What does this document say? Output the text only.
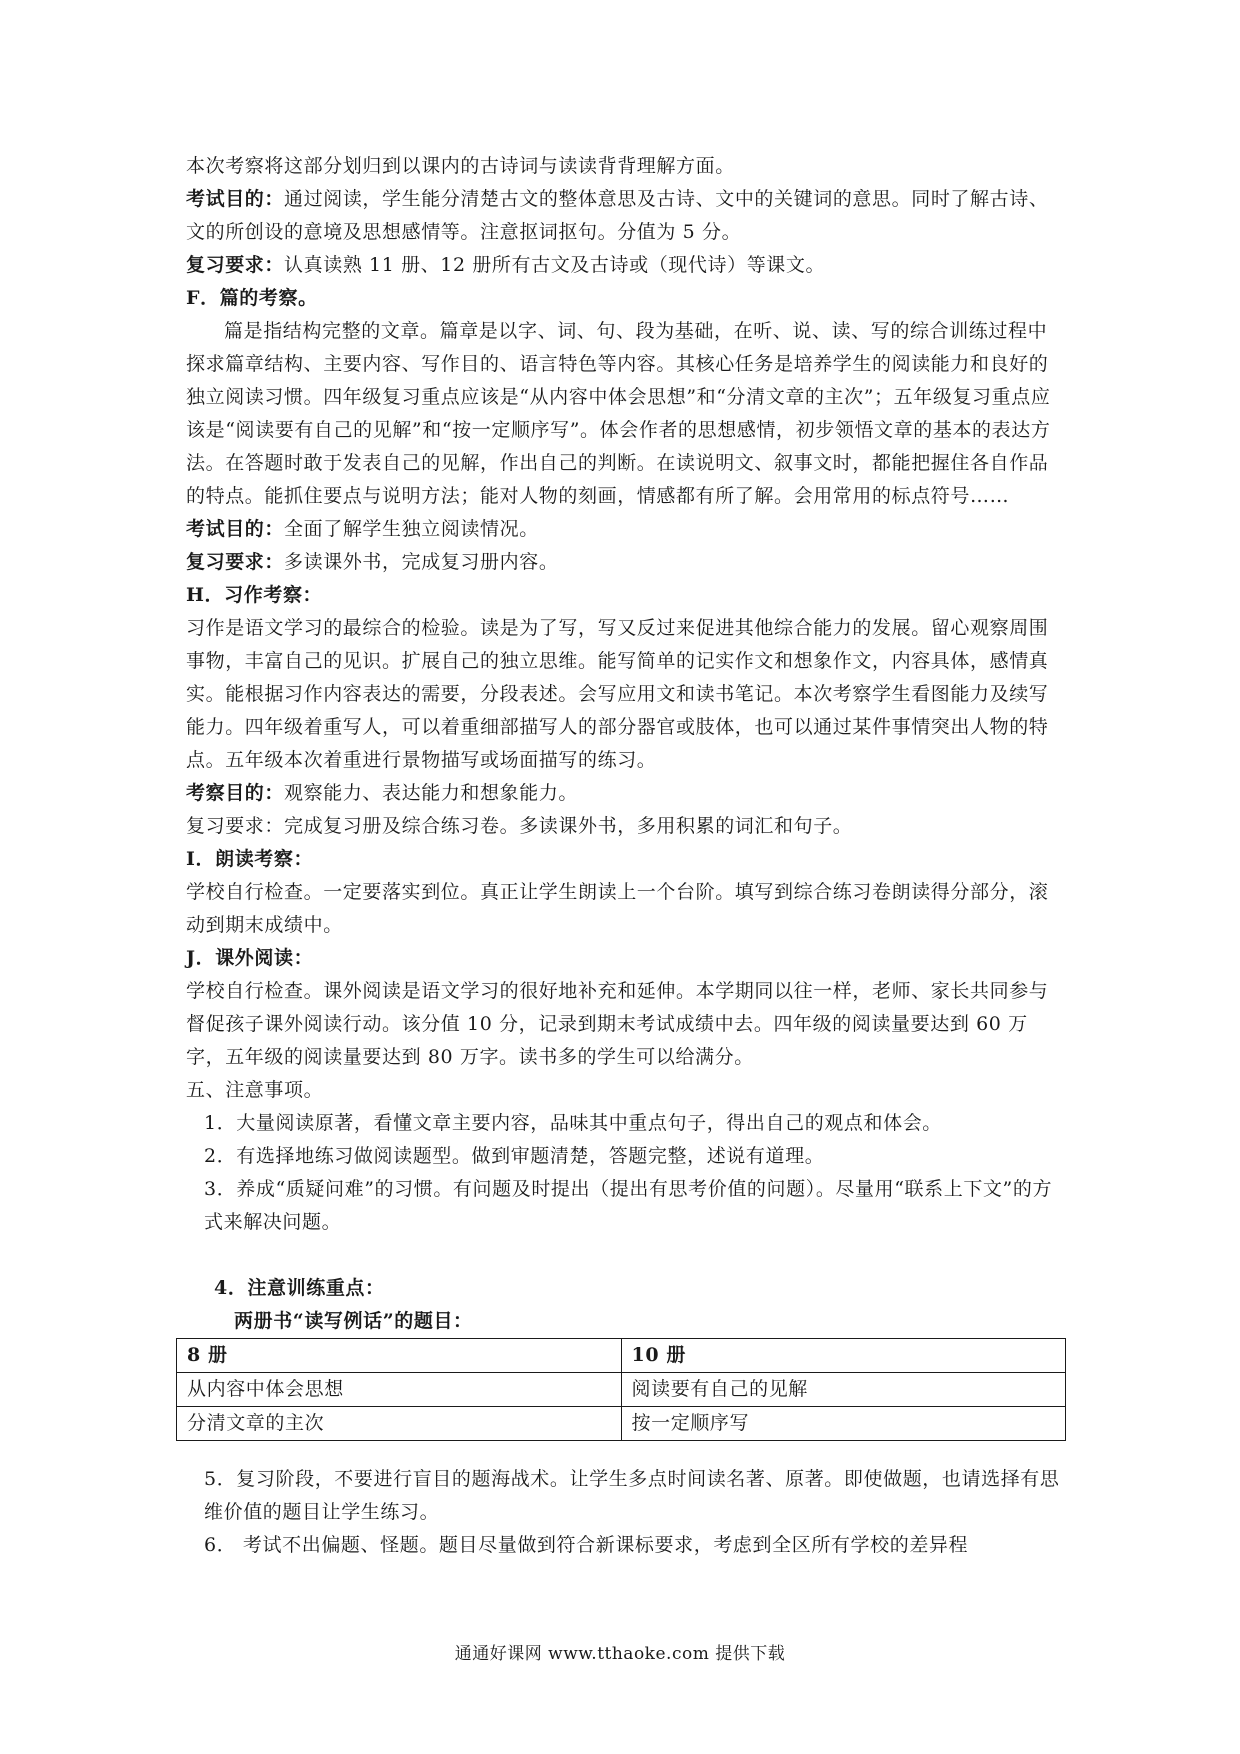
本次考察将这部分划归到以课内的古诗词与读读背背理解方面。

考试目的：通过阅读，学生能分清楚古文的整体意思及古诗、文中的关键词的意思。同时了解古诗、文的所创设的意境及思想感情等。注意抠词抠句。分值为 5 分。

复习要求：认真读熟 11 册、12 册所有古文及古诗或（现代诗）等课文。

F．篇的考察。

篇是指结构完整的文章。篇章是以字、词、句、段为基础，在听、说、读、写的综合训练过程中探求篇章结构、主要内容、写作目的、语言特色等内容。其核心任务是培养学生的阅读能力和良好的独立阅读习惯。四年级复习重点应该是“从内容中体会思想”和“分清文章的主次”；五年级复习重点应该是“阅读要有自己的见解”和“按一定顺序写”。体会作者的思想感情，初步领悟文章的基本的表达方法。在答题时敢于发表自己的见解，作出自己的判断。在读说明文、叙事文时，都能把握住各自作品的特点。能抓住要点与说明方法；能对人物的刻画，情感都有所了解。会用常用的标点符号……

考试目的：全面了解学生独立阅读情况。

复习要求：多读课外书，完成复习册内容。

H．习作考察：

习作是语文学习的最综合的检验。读是为了写，写又反过来促进其他综合能力的发展。留心观察周围事物，丰富自己的见识。扩展自己的独立思维。能写简单的记实作文和想象作文，内容具体，感情真实。能根据习作内容表达的需要，分段表述。会写应用文和读书笔记。本次考察学生看图能力及续写能力。四年级着重写人，可以着重细部描写人的部分器官或肢体，也可以通过某件事情突出人物的特点。五年级本次着重进行景物描写或场面描写的练习。

考察目的：观察能力、表达能力和想象能力。

复习要求：完成复习册及综合练习卷。多读课外书，多用积累的词汇和句子。

I．朗读考察：

学校自行检查。一定要落实到位。真正让学生朗读上一个台阶。填写到综合练习卷朗读得分部分，滚动到期末成绩中。

J．课外阅读：

学校自行检查。课外阅读是语文学习的很好地补充和延伸。本学期同以往一样，老师、家长共同参与督促孩子课外阅读行动。该分值 10 分，记录到期末考试成绩中去。四年级的阅读量要达到 60 万字，五年级的阅读量要达到 80 万字。读书多的学生可以给满分。

五、注意事项。

1．大量阅读原著，看懂文章主要内容，品味其中重点句子，得出自己的观点和体会。

2．有选择地练习做阅读题型。做到审题清楚，答题完整，述说有道理。

3．养成“质疑问难”的习惯。有问题及时提出（提出有思考价值的问题）。尽量用“联系上下文”的方式来解决问题。

4．注意训练重点：

两册书“读写例话”的题目：

8 册	10 册
从内容中体会思想	阅读要有自己的见解
分清文章的主次	按一定顺序写

5．复习阶段，不要进行盲目的题海战术。让学生多点时间读名著、原著。即使做题，也请选择有思维价值的题目让学生练习。

6． 考试不出偏题、怪题。题目尽量做到符合新课标要求，考虑到全区所有学校的差异程

通通好课网 www.tthaoke.com 提供下载
